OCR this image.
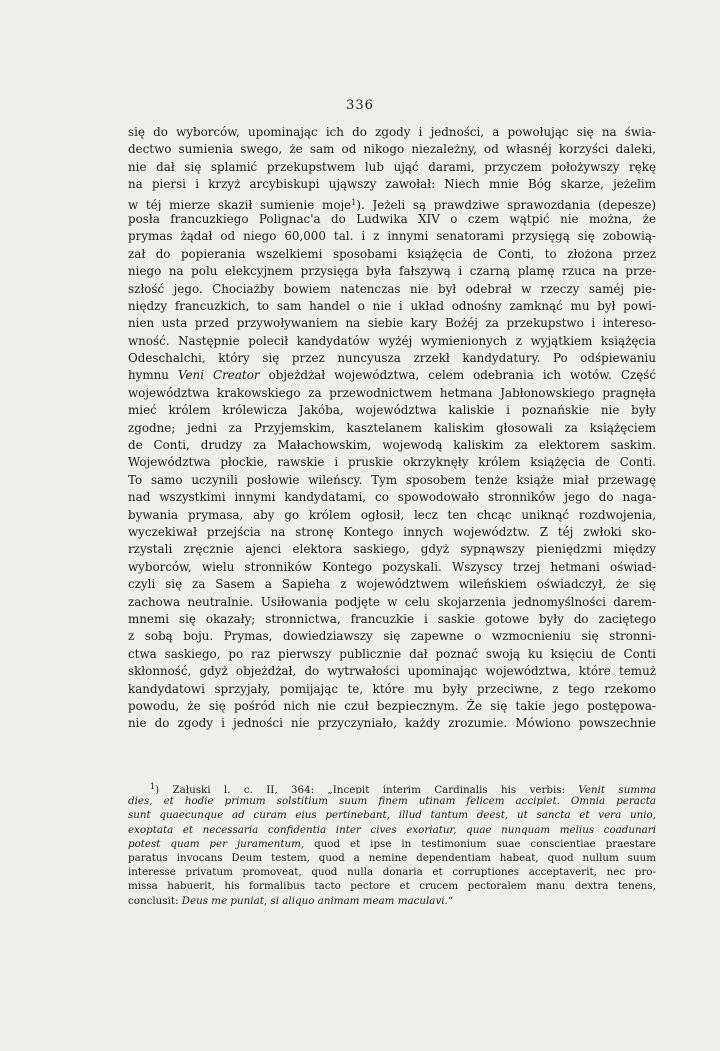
336
się do wyborców, upominając ich do zgody i jedności, a powołując się na świa-
dectwo sumienia swego, że sam od nikogo niezależny, od własnéj korzyści daleki,
nie dał się splamić przekupstwem lub ująć darami, przyczem położywszy rękę
na piersi i krzyż arcybiskupi ująwszy zawołał: Niech mnie Bóg skarze, jeżelim
w téj mierze skaził sumienie moje$^1$). Jeżeli są prawdziwe sprawozdania (depesze)
posła francuzkiego Polignac'a do Ludwika XIV o czem wątpić nie można, że
prymas żądał od niego 60,000 tal. i z innymi senatorami przysięgą się zobowią-
zał do popierania wszelkiemi sposobami książęcia de Conti, to złożona przez
niego na polu elekcyjnem przysięga była fałszywą i czarną plamę rzuca na prze-
szłość jego. Chociażby bowiem natenczas nie był odebrał w rzeczy saméj pie-
niędzy francuzkich, to sam handel o nie i układ odnośny zamknąć mu był powi-
nien usta przed przywoływaniem na siebie kary Bożéj za przekupstwo i intereso-
wność. Następnie polecił kandydatów wyżéj wymienionych z wyjątkiem książęcia
Odeschalchi, który się przez nuncyusza zrzekł kandydatury. Po odśpiewaniu
hymnu Veni Creator objeżdżał województwa, celem odebrania ich wotów. Część
województwa krakowskiego za przewodnictwem hetmana Jabłonowskiego pragnęła
mieć królem królewicza Jakóba, województwa kaliskie i poznańskie nie były
zgodne; jedni za Przyjemskim, kasztelanem kaliskim głosowali za książęciem
de Conti, drudzy za Małachowskim, wojewodą kaliskim za elektorem saskim.
Województwa płockie, rawskie i pruskie okrzyknęły królem książęcia de Conti.
To samo uczynili posłowie wileńscy. Tym sposobem tenże książe miał przewagę
nad wszystkimi innymi kandydatami, co spowodowało stronników jego do naga-
bywania prymasa, aby go królem ogłosił, lecz ten chcąc uniknąć rozdwojenia,
wyczekiwał przejścia na stronę Kontego innych województw. Z téj zwłoki sko-
rzystali zręcznie ajenci elektora saskiego, gdyż sypnąwszy pieniędzmi między
wyborców, wielu stronników Kontego pozyskali. Wszyscy trzej hetmani oświad-
czyli się za Sasem a Sapieha z województwem wileńskiem oświadczył, że się
zachowa neutralnie. Usiłowania podjęte w celu skojarzenia jednomyślności darem-
mnemi się okazały; stronnictwa, francuzkie i saskie gotowe były do zaciętego
z sobą boju. Prymas, dowiedziawszy się zapewne o wzmocnieniu się stronni-
ctwa saskiego, po raz pierwszy publicznie dał poznać swoją ku księciu de Conti
skłonność, gdyż objeżdżał, do wytrwałości upominając województwa, które temuż
kandydatowi sprzyjały, pomijając te, które mu były przeciwne, z tego rzekomo
powodu, że się pośród nich nie czuł bezpiecznym. Że się takie jego postępowa-
nie do zgody i jedności nie przyczyniało, każdy zrozumie. Mówiono powszechnie
$^1$) Załuski l. c. II, 364: „Incepit interim Cardinalis his verbis: Venit summa
dies, et hodie primum solstitium suum finem utinam felicem accipiet. Omnia peracta
sunt quaecunque ad curam eius pertinebant, illud tantum deest, ut sancta et vera unio,
exoptata et necessaria confidentia inter cives exoriatur, quae nunquam melius coadunari
potest quam per juramentum, quod et ipse in testimonium suae conscientiae praestare
paratus invocans Deum testem, quod a nemine dependentiam habeat, quod nullum suum
interesse privatum promoveat, quod nulla donaria et corruptiones acceptaverit, nec pro-
missa habuerit, his formalibus tacto pectore et crucem pectoralem manu dextra tenens,
conclusit: Deus me puniat, si aliquo animam meam maculavi.“
